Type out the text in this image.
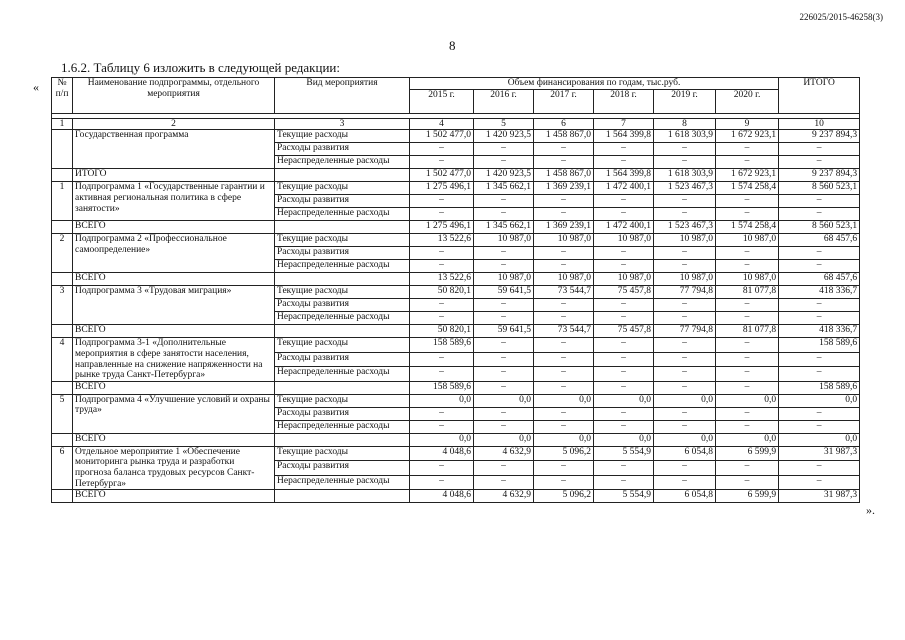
226025/2015-46258(3)
8
1.6.2. Таблицу 6 изложить в следующей редакции:
«
».
№
п/п	Наименование подпрограммы, отдельного
мероприятия	Вид мероприятия	Объем финансирования по годам, тыс.руб.						ИТОГО
			2015 г.	2016 г.	2017 г.	2018 г.	2019 г.	2020 г.	

1	2	3	4	5	6	7	8	9	10
	Государственная программа	Текущие расходы	1 502 477,0	1 420 923,5	1 458 867,0	1 564 399,8	1 618 303,9	1 672 923,1	9 237 894,3
		Расходы развития	–	–	–	–	–	–	–
		Нераспределенные расходы	–	–	–	–	–	–	–
	ИТОГО		1 502 477,0	1 420 923,5	1 458 867,0	1 564 399,8	1 618 303,9	1 672 923,1	9 237 894,3
1	Подпрограмма 1 «Государственные гарантии и активная региональная политика в сфере занятости»	Текущие расходы	1 275 496,1	1 345 662,1	1 369 239,1	1 472 400,1	1 523 467,3	1 574 258,4	8 560 523,1
		Расходы развития	–	–	–	–	–	–	–
		Нераспределенные расходы	–	–	–	–	–	–	–
	ВСЕГО		1 275 496,1	1 345 662,1	1 369 239,1	1 472 400,1	1 523 467,3	1 574 258,4	8 560 523,1
2	Подпрограмма 2 «Профессиональное самоопределение»	Текущие расходы	13 522,6	10 987,0	10 987,0	10 987,0	10 987,0	10 987,0	68 457,6
		Расходы развития	–	–	–	–	–	–	–
		Нераспределенные расходы	–	–	–	–	–	–	–
	ВСЕГО		13 522,6	10 987,0	10 987,0	10 987,0	10 987,0	10 987,0	68 457,6
3	Подпрограмма 3 «Трудовая миграция»	Текущие расходы	50 820,1	59 641,5	73 544,7	75 457,8	77 794,8	81 077,8	418 336,7
		Расходы развития	–	–	–	–	–	–	–
		Нераспределенные расходы	–	–	–	–	–	–	–
	ВСЕГО		50 820,1	59 641,5	73 544,7	75 457,8	77 794,8	81 077,8	418 336,7
4	Подпрограмма 3-1 «Дополнительные мероприятия в сфере занятости населения, направленные на снижение напряженности на рынке труда Санкт-Петербурга»	Текущие расходы	158 589,6	–	–	–	–	–	158 589,6
		Расходы развития	–	–	–	–	–	–	–
		Нераспределенные расходы	–	–	–	–	–	–	–
	ВСЕГО		158 589,6	–	–	–	–	–	158 589,6
5	Подпрограмма 4 «Улучшение условий и охраны труда»	Текущие расходы	0,0	0,0	0,0	0,0	0,0	0,0	0,0
		Расходы развития	–	–	–	–	–	–	–
		Нераспределенные расходы	–	–	–	–	–	–	–
	ВСЕГО		0,0	0,0	0,0	0,0	0,0	0,0	0,0
6	Отдельное мероприятие 1 «Обеспечение мониторинга рынка труда и разработки прогноза баланса трудовых ресурсов Санкт-Петербурга»	Текущие расходы	4 048,6	4 632,9	5 096,2	5 554,9	6 054,8	6 599,9	31 987,3
		Расходы развития	–	–	–	–	–	–	–
		Нераспределенные расходы	–	–	–	–	–	–	–
	ВСЕГО		4 048,6	4 632,9	5 096,2	5 554,9	6 054,8	6 599,9	31 987,3
